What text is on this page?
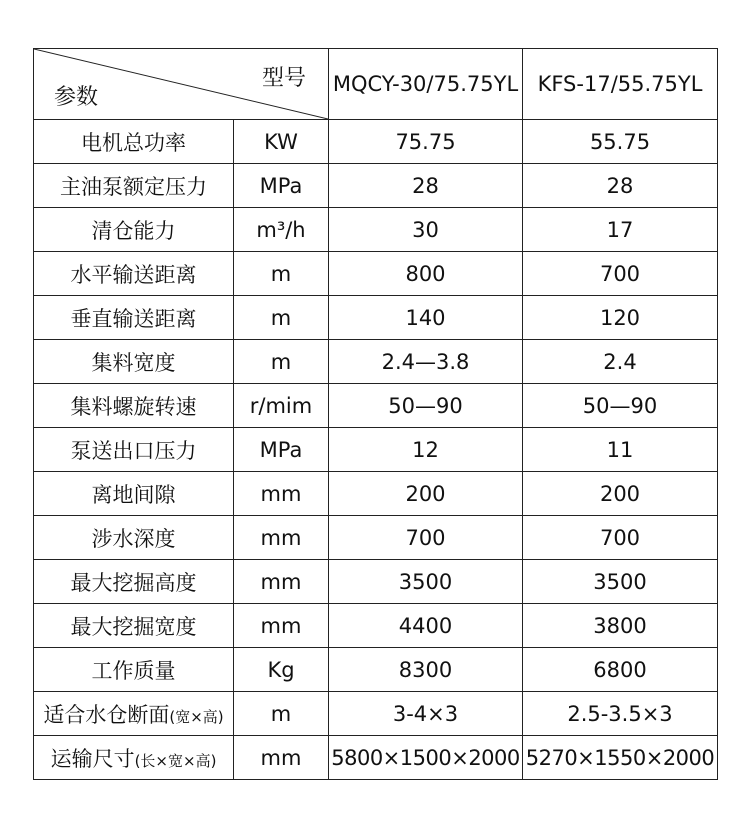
型号
参数		MQCY-30/75.75YL	KFS-17/55.75YL
电机总功率	KW	75.75	55.75
主油泵额定压力	MPa	28	28
清仓能力	m³/h	30	17
水平输送距离	m	800	700
垂直输送距离	m	140	120
集料宽度	m	2.4—3.8	2.4
集料螺旋转速	r/mim	50—90	50—90
泵送出口压力	MPa	12	11
离地间隙	mm	200	200
涉水深度	mm	700	700
最大挖掘高度	mm	3500	3500
最大挖掘宽度	mm	4400	3800
工作质量	Kg	8300	6800
适合水仓断面(宽×高)	m	3-4×3	2.5-3.5×3
运输尺寸(长×宽×高)	mm	5800×1500×2000	5270×1550×2000
